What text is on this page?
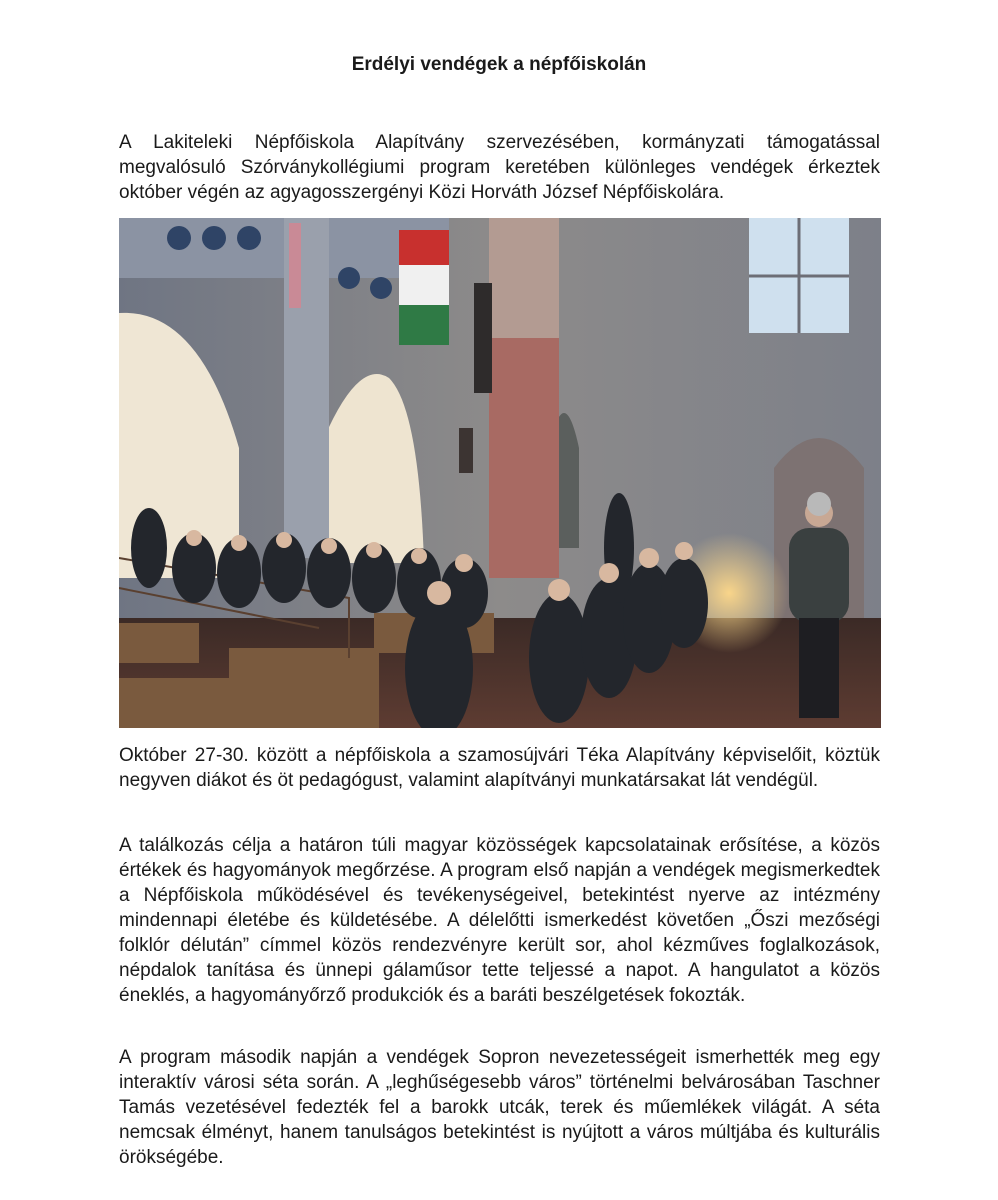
Erdélyi vendégek a népfőiskolán

A Lakiteleki Népfőiskola Alapítvány szervezésében, kormányzati támogatással megvalósuló Szórványkollégiumi program keretében különleges vendégek érkeztek október végén az agyagosszergényi Közi Horváth József Népfőiskolára.

Október 27-30. között a népfőiskola a szamosújvári Téka Alapítvány képviselőit, köztük negyven diákot és öt pedagógust, valamint alapítványi munkatársakat lát vendégül.

A találkozás célja a határon túli magyar közösségek kapcsolatainak erősítése, a közös értékek és hagyományok megőrzése. A program első napján a vendégek megismerkedtek a Népfőiskola működésével és tevékenységeivel, betekintést nyerve az intézmény mindennapi életébe és küldetésébe. A délelőtti ismerkedést követően „Őszi mezőségi folklór délután” címmel közös rendezvényre került sor, ahol kézműves foglalkozások, népdalok tanítása és ünnepi gálaműsor tette teljessé a napot. A hangulatot a közös éneklés, a hagyományőrző produkciók és a baráti beszélgetések fokozták.

A program második napján a vendégek Sopron nevezetességeit ismerhették meg egy interaktív városi séta során. A „leghűségesebb város” történelmi belvárosában Taschner Tamás vezetésével fedezték fel a barokk utcák, terek és műemlékek világát. A séta nemcsak élményt, hanem tanulságos betekintést is nyújtott a város múltjába és kulturális örökségébe.
